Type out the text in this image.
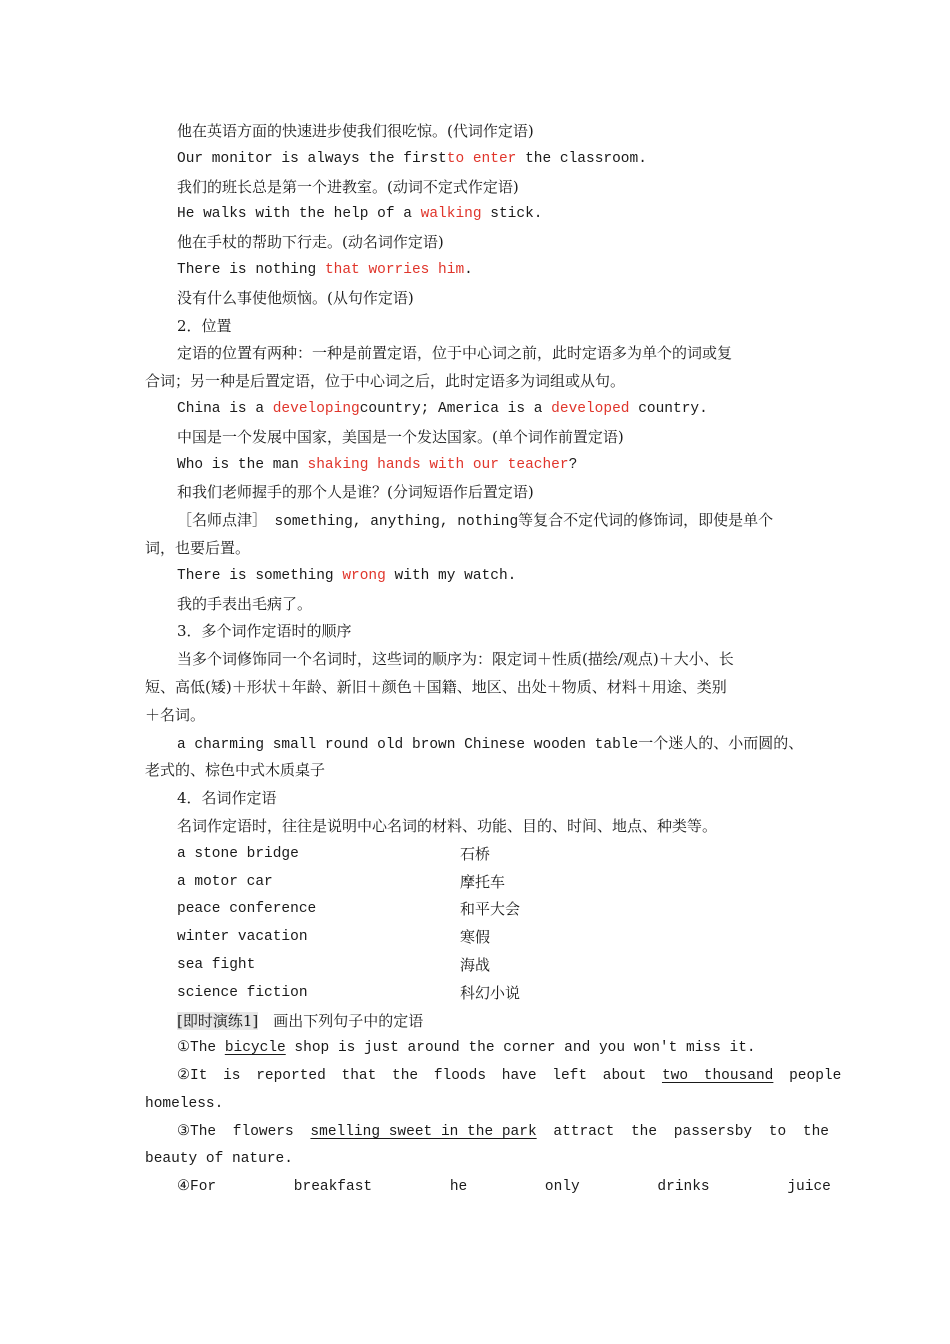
他在英语方面的快速进步使我们很吃惊。(代词作定语)
Our monitor is always the firstto enter the classroom.
我们的班长总是第一个进教室。(动词不定式作定语)
He walks with the help of a walking stick.
他在手杖的帮助下行走。(动名词作定语)
There is nothing that worries him.
没有什么事使他烦恼。(从句作定语)
2．位置
定语的位置有两种：一种是前置定语，位于中心词之前，此时定语多为单个的词或复
合词；另一种是后置定语，位于中心词之后，此时定语多为词组或从句。
China is a developingcountry; America is a developed country.
中国是一个发展中国家，美国是一个发达国家。(单个词作前置定语)
Who is the man shaking hands with our teacher?
和我们老师握手的那个人是谁？(分词短语作后置定语)
［名师点津］　something, anything, nothing等复合不定代词的修饰词，即使是单个
词，也要后置。
There is something wrong with my watch.
我的手表出毛病了。
3．多个词作定语时的顺序
当多个词修饰同一个名词时，这些词的顺序为：限定词＋性质(描绘/观点)＋大小、长
短、高低(矮)＋形状＋年龄、新旧＋颜色＋国籍、地区、出处＋物质、材料＋用途、类别
＋名词。
a charming small round old brown Chinese wooden table一个迷人的、小而圆的、
老式的、棕色中式木质桌子
4．名词作定语
名词作定语时，往往是说明中心名词的材料、功能、目的、时间、地点、种类等。
a stone bridge	石桥
a motor car	摩托车
peace conference	和平大会
winter vacation	寒假
sea fight	海战
science fiction	科幻小说
[即时演练1]　画出下列句子中的定语
①The bicycle shop is just around the corner and you won't miss it.
②It is reported that the floods have left about two thousand people
homeless.
③The flowers smelling sweet in the park attract the passersby to the
beauty of nature.
④For breakfast he only drinks juice
